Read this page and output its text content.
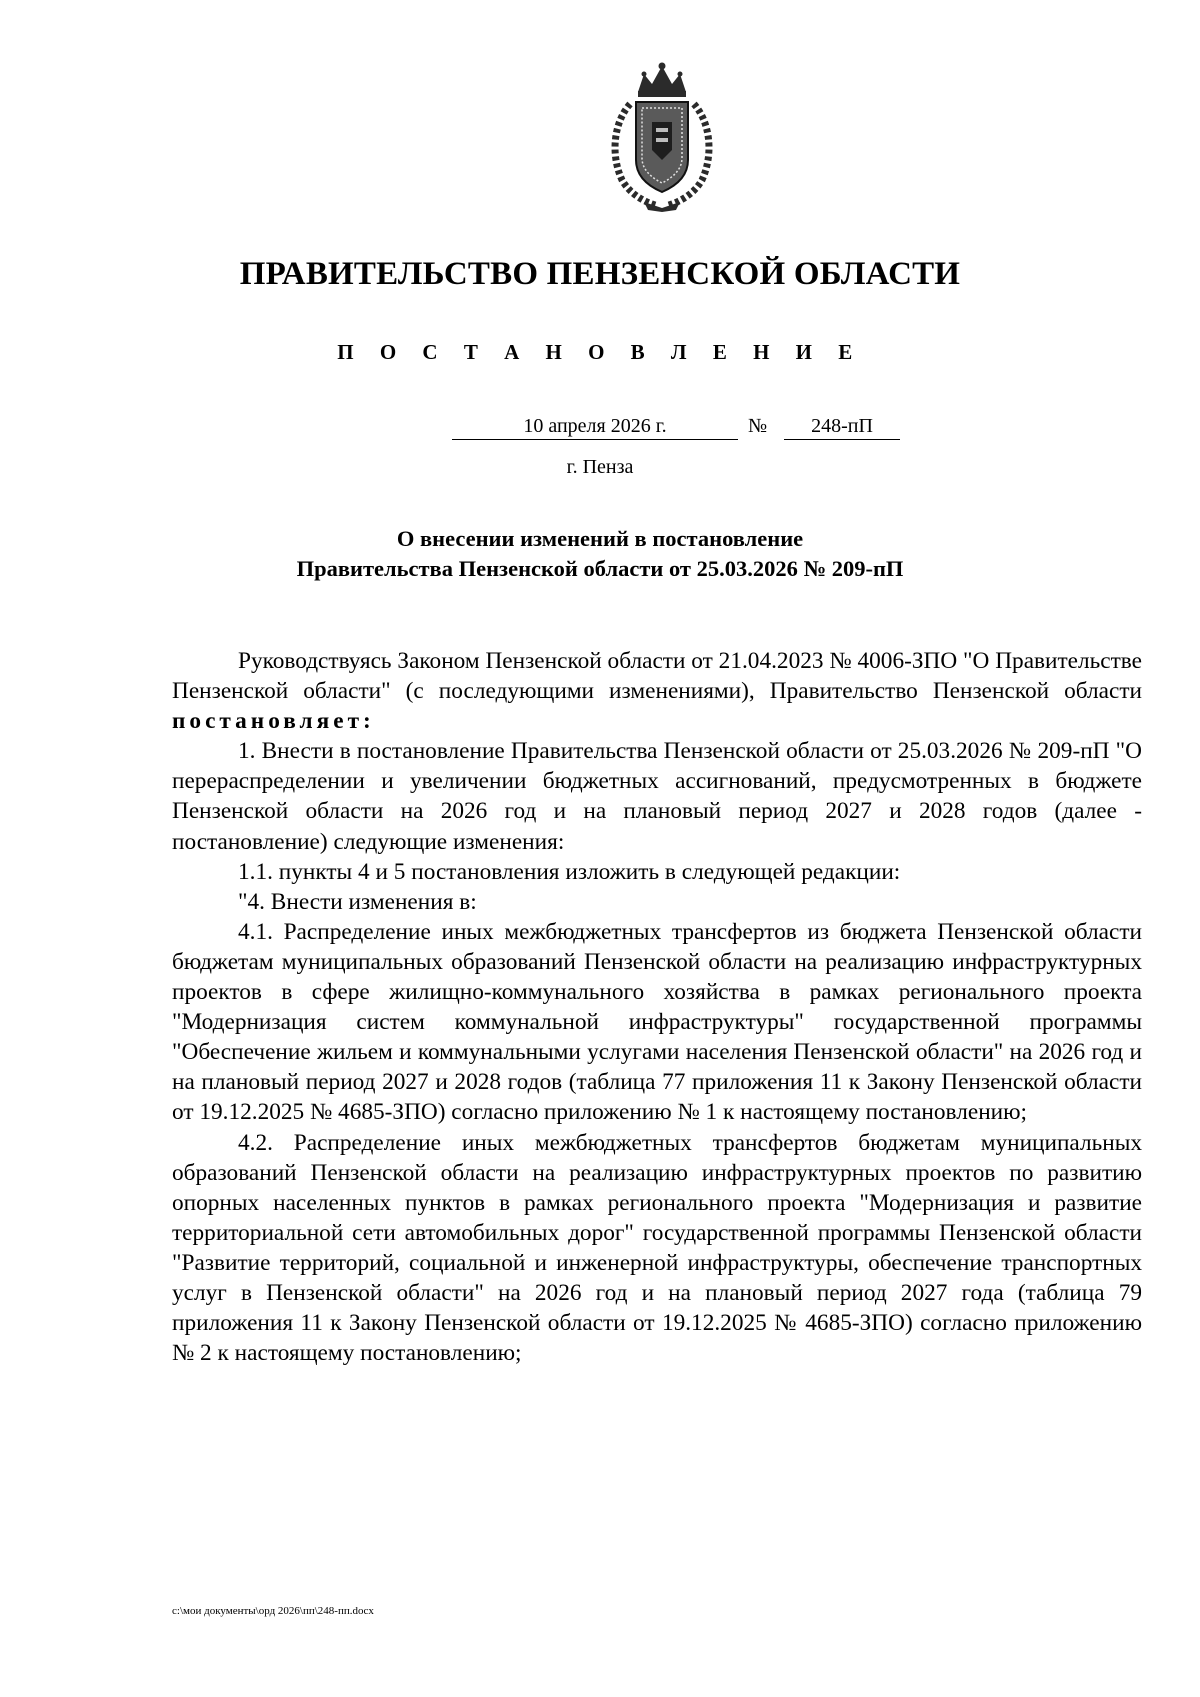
ПРАВИТЕЛЬСТВО ПЕНЗЕНСКОЙ ОБЛАСТИ
П О С Т А Н О В Л Е Н И Е
10 апреля 2026 г.	№	248-пП
г. Пенза
О внесении изменений в постановление
Правительства Пензенской области от 25.03.2026 № 209-пП

Руководствуясь Законом Пензенской области от 21.04.2023 № 4006-ЗПО "О Правительстве Пензенской области" (с последующими изменениями), Правительство Пензенской области постановляет:

1. Внести в постановление Правительства Пензенской области от 25.03.2026 № 209-пП "О перераспределении и увеличении бюджетных ассигнований, предусмотренных в бюджете Пензенской области на 2026 год и на плановый период 2027 и 2028 годов (далее - постановление) следующие изменения:

1.1. пункты 4 и 5 постановления изложить в следующей редакции:

"4. Внести изменения в:

4.1. Распределение иных межбюджетных трансфертов из бюджета Пензенской области бюджетам муниципальных образований Пензенской области на реализацию инфраструктурных проектов в сфере жилищно-коммунального хозяйства в рамках регионального проекта "Модернизация систем коммунальной инфраструктуры" государственной программы "Обеспечение жильем и коммунальными услугами населения Пензенской области" на 2026 год и на плановый период 2027 и 2028 годов (таблица 77 приложения 11 к Закону Пензенской области от 19.12.2025 № 4685-ЗПО) согласно приложению № 1 к настоящему постановлению;

4.2. Распределение иных межбюджетных трансфертов бюджетам муниципальных образований Пензенской области на реализацию инфраструктурных проектов по развитию опорных населенных пунктов в рамках регионального проекта "Модернизация и развитие территориальной сети автомобильных дорог" государственной программы Пензенской области "Развитие территорий, социальной и инженерной инфраструктуры, обеспечение транспортных услуг в Пензенской области" на 2026 год и на плановый период 2027 года (таблица 79 приложения 11 к Закону Пензенской области от 19.12.2025 № 4685-ЗПО) согласно приложению № 2 к настоящему постановлению;

c:\мои документы\орд 2026\пп\248-пп.docx
